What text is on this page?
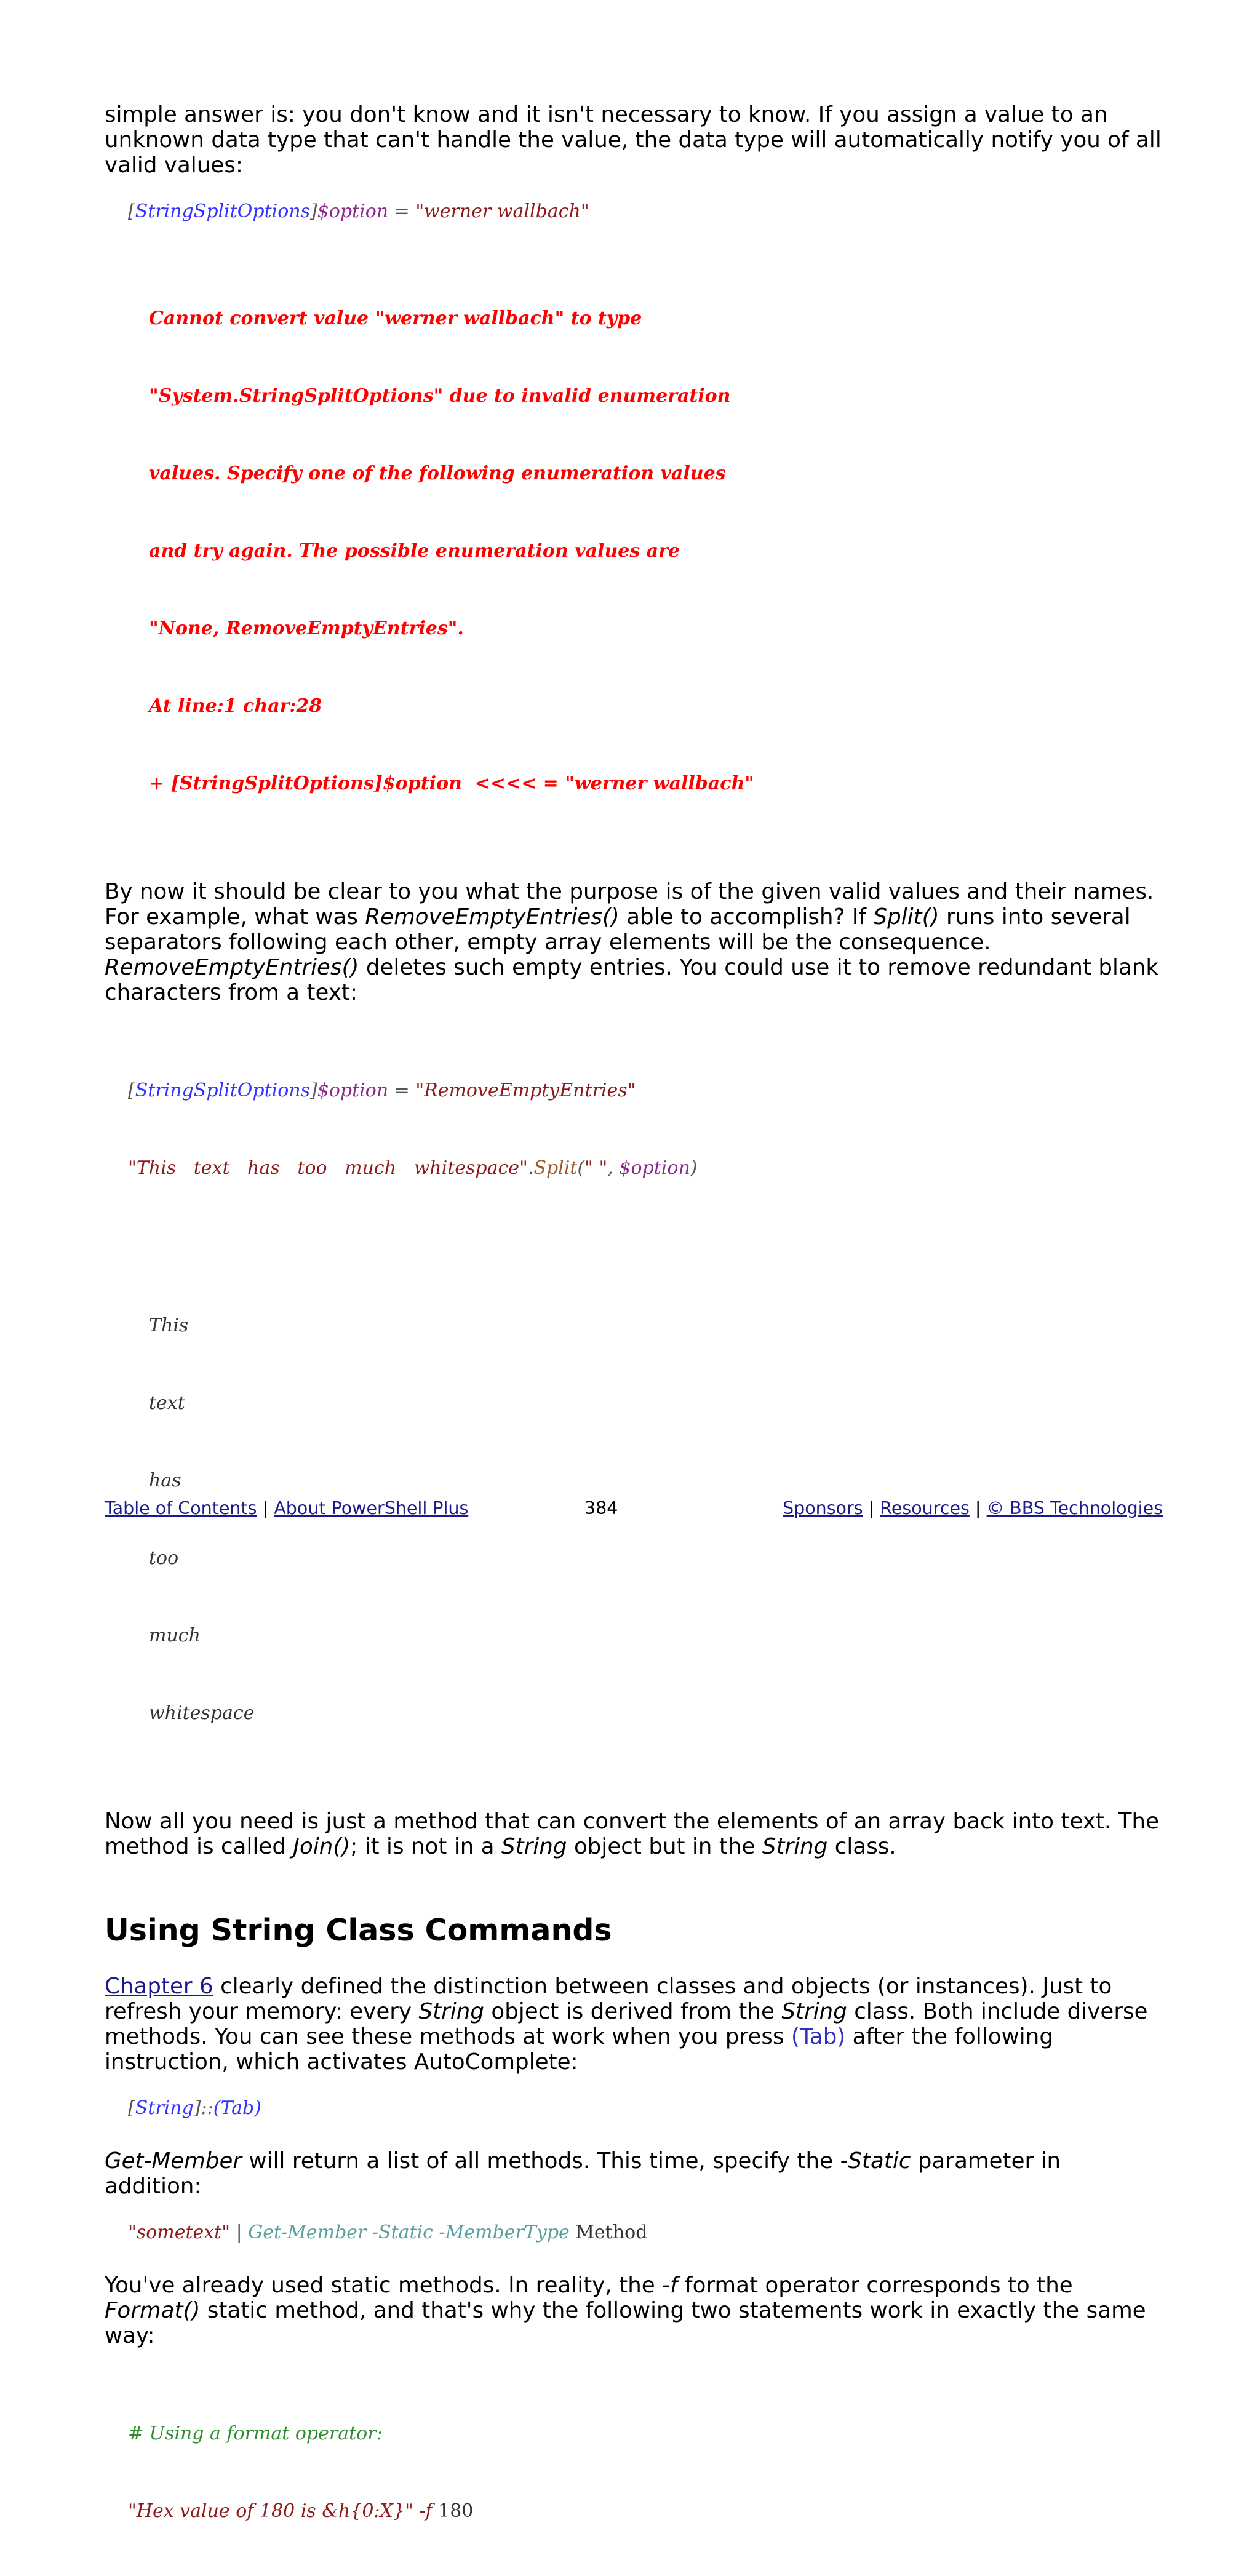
simple answer is: you don't know and it isn't necessary to know. If you assign a value to an unknown data type that can't handle the value, the data type will automatically notify you of all valid values:

[StringSplitOptions]$option = "werner wallbach"

Cannot convert value "werner wallbach" to type

"System.StringSplitOptions" due to invalid enumeration

values. Specify one of the following enumeration values

and try again. The possible enumeration values are

"None, RemoveEmptyEntries".

At line:1 char:28

+ [StringSplitOptions]$option  <<<< = "werner wallbach"

By now it should be clear to you what the purpose is of the given valid values and their names. For example, what was RemoveEmptyEntries() able to accomplish? If Split() runs into several separators following each other, empty array elements will be the consequence. RemoveEmptyEntries() deletes such empty entries. You could use it to remove redundant blank characters from a text:

[StringSplitOptions]$option = "RemoveEmptyEntries"

"This   text   has   too   much   whitespace".Split(" ", $option)

This

text

has

too

much

whitespace

Now all you need is just a method that can convert the elements of an array back into text. The method is called Join(); it is not in a String object but in the String class.

Using String Class Commands

Chapter 6 clearly defined the distinction between classes and objects (or instances). Just to refresh your memory: every String object is derived from the String class. Both include diverse methods. You can see these methods at work when you press (Tab) after the following instruction, which activates AutoComplete:

[String]::(Tab)

Get-Member will return a list of all methods. This time, specify the -Static parameter in addition:

"sometext" | Get-Member -Static -MemberType Method

You've already used static methods. In reality, the -f format operator corresponds to the Format() static method, and that's why the following two statements work in exactly the same way:

# Using a format operator:

"Hex value of 180 is &h{0:X}" -f 180

Table of Contents | About PowerShell Plus	384	Sponsors | Resources | © BBS Technologies
